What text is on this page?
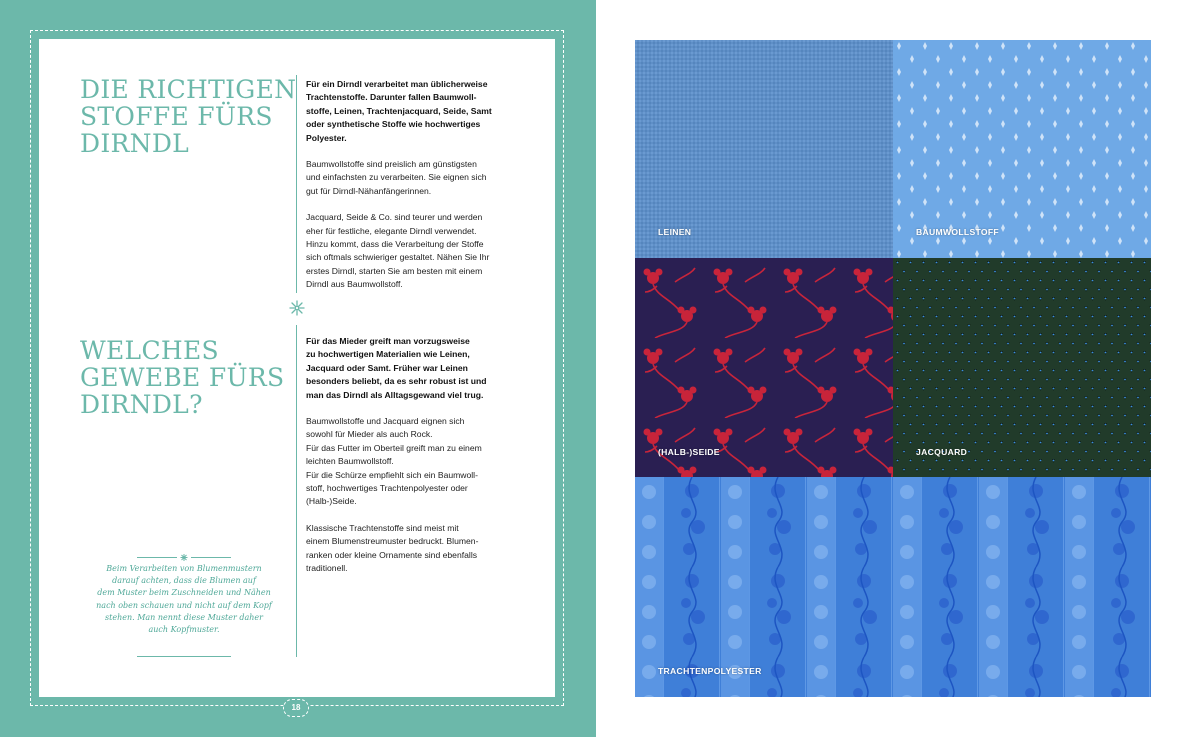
DIE RICHTIGEN
STOFFE FÜRS
DIRNDL
WELCHES
GEWEBE FÜRS
DIRNDL?

Für ein Dirndl verarbeitet man üblicherweise
Trachtenstoffe. Darunter fallen Baumwoll-
stoffe, Leinen, Trachtenjacquard, Seide, Samt
oder synthetische Stoffe wie hochwertiges
Polyester.

Baumwollstoffe sind preislich am günstigsten
und einfachsten zu verarbeiten. Sie eignen sich
gut für Dirndl-Nähanfängerinnen.

Jacquard, Seide & Co. sind teurer und werden
eher für festliche, elegante Dirndl verwendet.
Hinzu kommt, dass die Verarbeitung der Stoffe
sich oftmals schwieriger gestaltet. Nähen Sie Ihr
erstes Dirndl, starten Sie am besten mit einem
Dirndl aus Baumwollstoff.

Für das Mieder greift man vorzugsweise
zu hochwertigen Materialien wie Leinen,
Jacquard oder Samt. Früher war Leinen
besonders beliebt, da es sehr robust ist und
man das Dirndl als Alltagsgewand viel trug.

Baumwollstoffe und Jacquard eignen sich
sowohl für Mieder als auch Rock.
Für das Futter im Oberteil greift man zu einem
leichten Baumwollstoff.
Für die Schürze empfiehlt sich ein Baumwoll-
stoff, hochwertiges Trachtenpolyester oder
(Halb-)Seide.

Klassische Trachtenstoffe sind meist mit
einem Blumenstreumuster bedruckt. Blumen-
ranken oder kleine Ornamente sind ebenfalls
traditionell.

Beim Verarbeiten von Blumenmustern
darauf achten, dass die Blumen auf
dem Muster beim Zuschneiden und Nähen
nach oben schauen und nicht auf dem Kopf
stehen. Man nennt diese Muster daher
auch Kopfmuster.
18
LEINEN	BAUMWOLLSTOFF
(HALB-)SEIDE	JACQUARD
TRACHTENPOLYESTER
